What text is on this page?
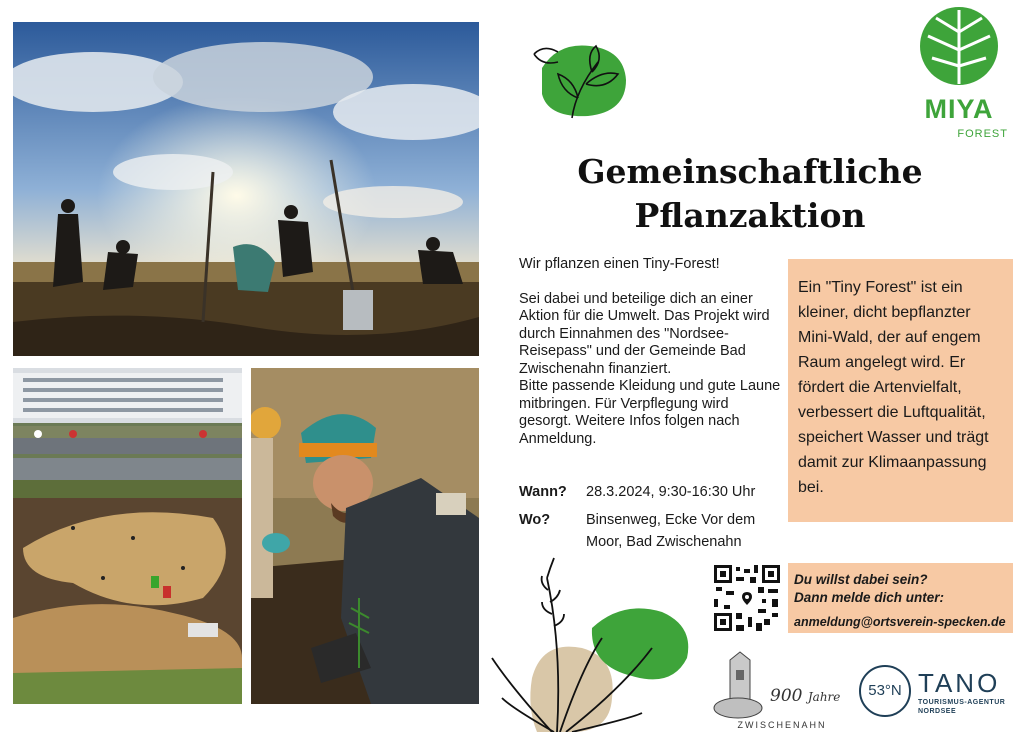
MIYA
FOREST
Gemeinschaftliche
Pflanzaktion

Wir pflanzen einen Tiny-Forest!

Sei dabei und beteilige dich an einer Aktion für die Umwelt. Das Projekt wird durch Einnahmen des "Nordsee-Reisepass" und der Gemeinde Bad Zwischenahn finanziert.

Bitte passende Kleidung und gute Laune mitbringen. Für Verpflegung wird gesorgt. Weitere Infos folgen nach Anmeldung.

Wann? 28.3.2024, 9:30-16:30 Uhr
Wo? Binsenweg, Ecke Vor dem Moor, Bad Zwischenahn
Ein "Tiny Forest" ist ein kleiner, dicht bepflanzter Mini-Wald, der auf engem Raum angelegt wird. Er fördert die Artenvielfalt, verbessert die Luftqualität, speichert Wasser und trägt damit zur Klimaanpassung bei.
Du willst dabei sein?
Dann melde dich unter:
anmeldung@ortsverein-specken.de
900 Jahre
ZWISCHENAHN
53°N TANO
TOURISMUS-AGENTUR
NORDSEE
